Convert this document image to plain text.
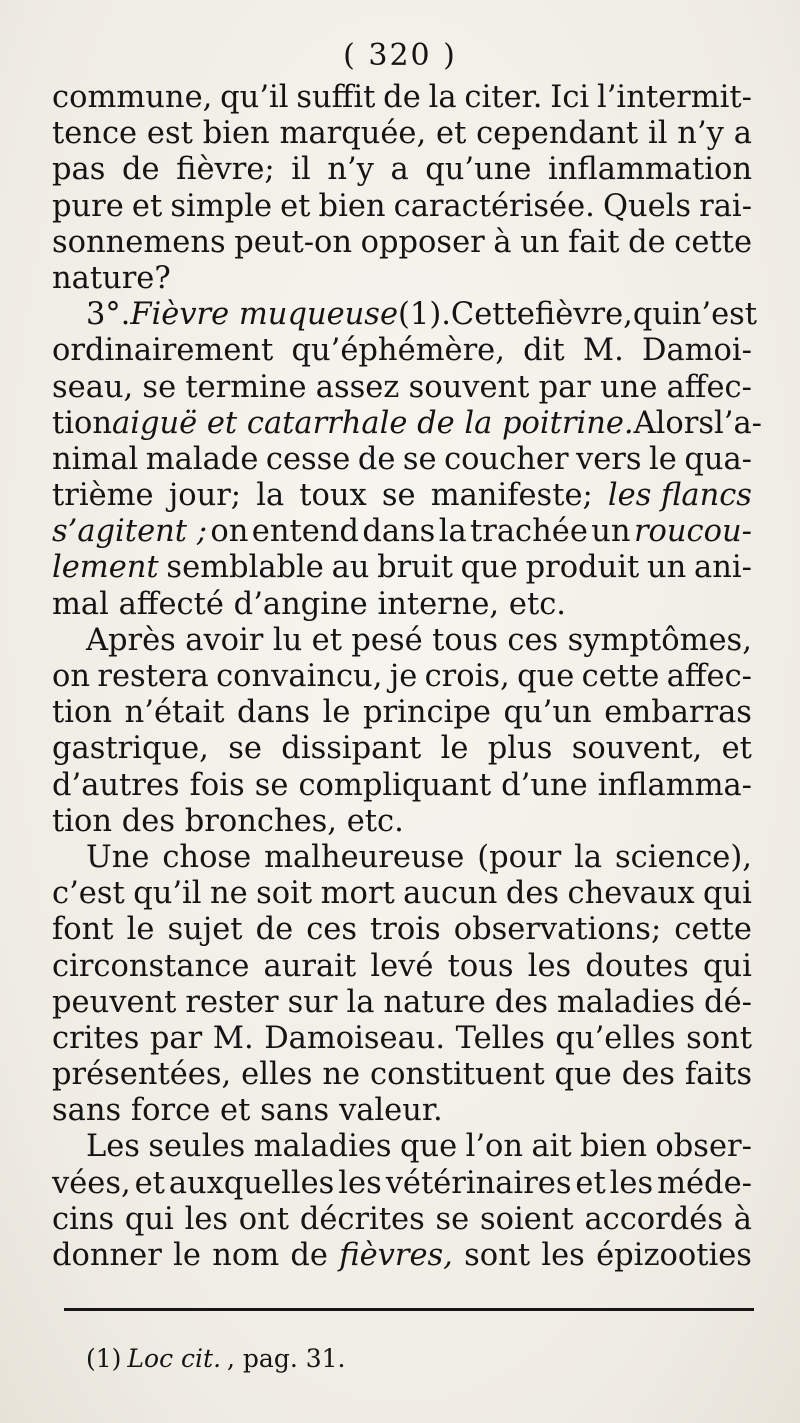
( 320 )
commune, qu’il suffit de la citer. Ici l’intermit-
tence est bien marquée, et cependant il n’y a
pas de fièvre; il n’y a qu’une inflammation
pure et simple et bien caractérisée. Quels rai-
sonnemens peut-on opposer à un fait de cette
nature?
3°. Fièvre muqueuse (1). Cette fièvre, qui n’est
ordinairement qu’éphémère, dit M. Damoi-
seau, se termine assez souvent par une affec-
tion aiguë et catarrhale de la poitrine. Alors l’a-
nimal malade cesse de se coucher vers le qua-
trième jour; la toux se manifeste; les flancs
s’agitent ; on entend dans la trachée un roucou-
lement semblable au bruit que produit un ani-
mal affecté d’angine interne, etc.
Après avoir lu et pesé tous ces symptômes,
on restera convaincu, je crois, que cette affec-
tion n’était dans le principe qu’un embarras
gastrique, se dissipant le plus souvent, et
d’autres fois se compliquant d’une inflamma-
tion des bronches, etc.
Une chose malheureuse (pour la science),
c’est qu’il ne soit mort aucun des chevaux qui
font le sujet de ces trois observations; cette
circonstance aurait levé tous les doutes qui
peuvent rester sur la nature des maladies dé-
crites par M. Damoiseau. Telles qu’elles sont
présentées, elles ne constituent que des faits
sans force et sans valeur.
Les seules maladies que l’on ait bien obser-
vées, et auxquelles les vétérinaires et les méde-
cins qui les ont décrites se soient accordés à
donner le nom de fièvres, sont les épizooties
(1) Loc cit. , pag. 31.
